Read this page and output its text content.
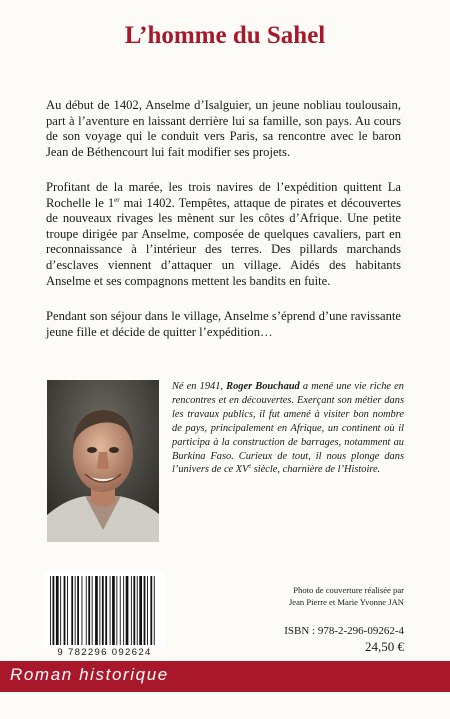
L’homme du Sahel

Au début de 1402, Anselme d’Isalguier, un jeune nobliau toulousain, part à l’aventure en laissant derrière lui sa famille, son pays. Au cours de son voyage qui le conduit vers Paris, sa rencontre avec le baron Jean de Béthencourt lui fait modifier ses projets.

Profitant de la marée, les trois navires de l’expédition quittent La Rochelle le 1er mai 1402. Tempêtes, attaque de pirates et découvertes de nouveaux rivages les mènent sur les côtes d’Afrique. Une petite troupe dirigée par Anselme, composée de quelques cavaliers, part en reconnaissance à l’intérieur des terres. Des pillards marchands d’esclaves viennent d’attaquer un village. Aidés des habitants Anselme et ses compagnons mettent les bandits en fuite.

Pendant son séjour dans le village, Anselme s’éprend d’une ravissante jeune fille et décide de quitter l’expédition…

Né en 1941, Roger Bouchaud a mené une vie riche en rencontres et en découvertes. Exerçant son métier dans les travaux publics, il fut amené à visiter bon nombre de pays, principalement en Afrique, un continent où il participa à la construction de barrages, notamment au Burkina Faso. Curieux de tout, il nous plonge dans l’univers de ce XVe siècle, charnière de l’Histoire.

9 782296 092624
Photo de couverture réalisée par
Jean Pierre et Marie Yvonne JAN
ISBN : 978-2-296-09262-4
24,50 €
Roman historique
